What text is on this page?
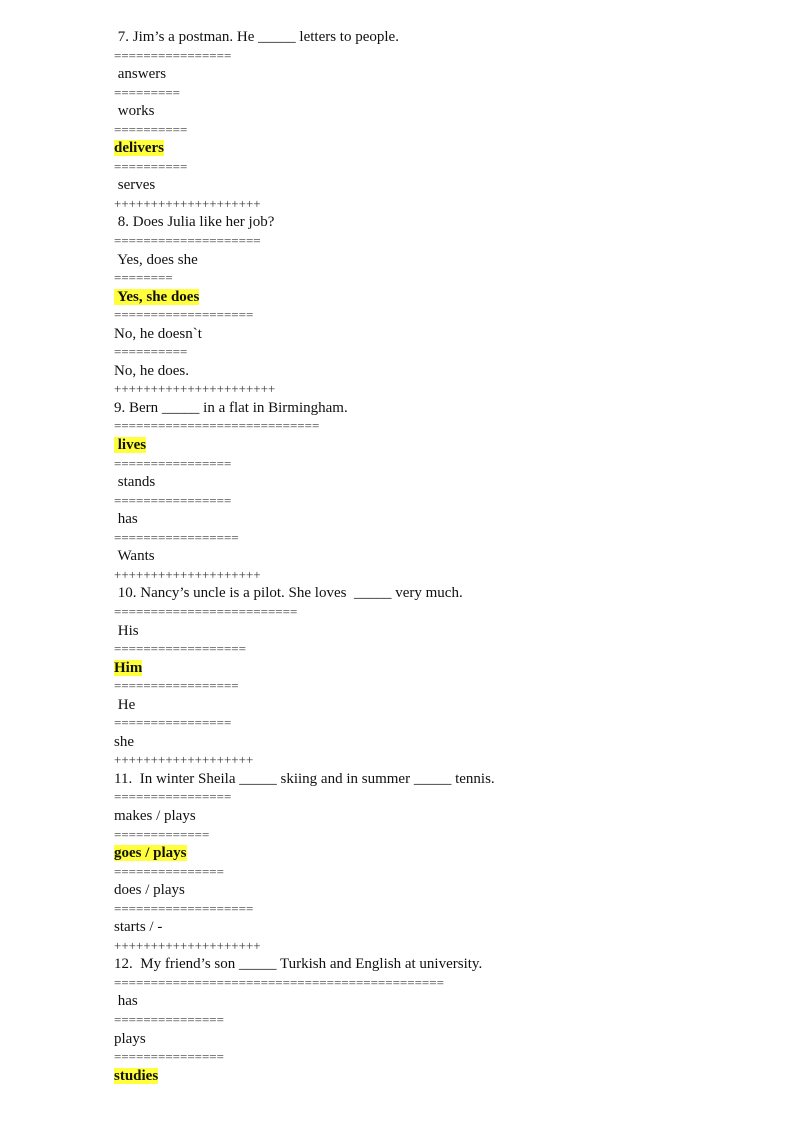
7. Jim’s a postman. He _____ letters to people.
================
answers
=========
works
==========
delivers
==========
serves
++++++++++++++++++++
8. Does Julia like her job?
====================
Yes, does she
========
Yes, she does
===================
No, he doesn`t
==========
No, he does.
++++++++++++++++++++++
9. Bern _____ in a flat in Birmingham.
============================
lives
================
stands
================
has
=================
Wants
++++++++++++++++++++
10. Nancy’s uncle is a pilot. She loves  _____ very much.
=========================
His
==================
Him
=================
He
================
she
+++++++++++++++++++
11.  In winter Sheila _____ skiing and in summer _____ tennis.
================
makes / plays
=============
goes / plays
===============
does / plays
===================
starts / -
++++++++++++++++++++
12.  My friend’s son _____ Turkish and English at university.
=============================================
has
===============
plays
===============
studies
